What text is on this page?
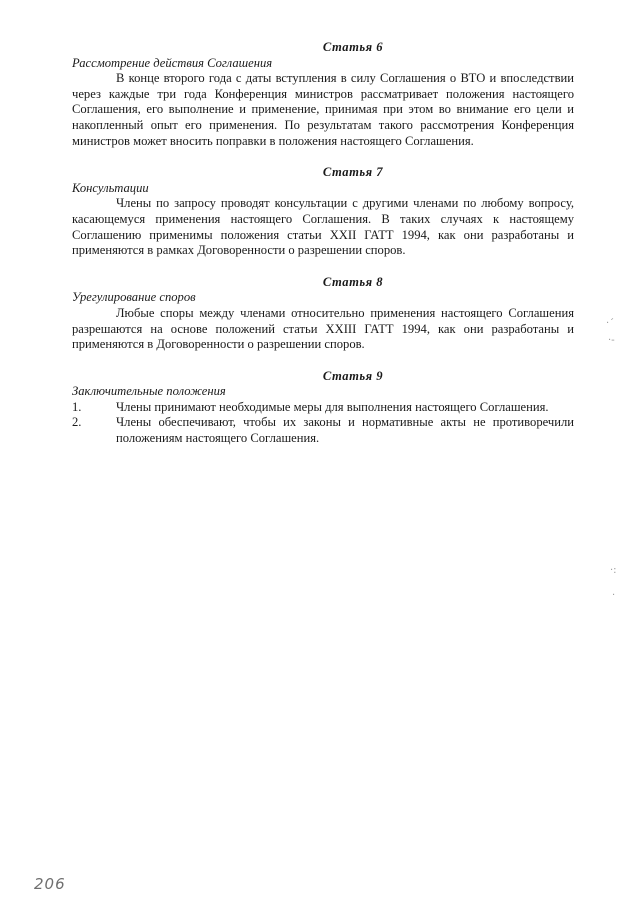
Статья 6
Рассмотрение действия Соглашения

В конце второго года с даты вступления в силу Соглашения о ВТО и впоследствии через каждые три года Конференция министров рассматривает положения настоящего Соглашения, его выполнение и применение, принимая при этом во внимание его цели и накопленный опыт его применения. По результатам такого рассмотрения Конференция министров может вносить поправки в положения настоящего Соглашения.

Статья 7
Консультации

Члены по запросу проводят консультации с другими членами по любому вопросу, касающемуся применения настоящего Соглашения. В таких случаях к настоящему Соглашению применимы положения статьи XXII ГАТТ 1994, как они разработаны и применяются в рамках Договоренности о разрешении споров.

Статья 8
Урегулирование споров

Любые споры между членами относительно применения настоящего Соглашения разрешаются на основе положений статьи XXIII ГАТТ 1994, как они разработаны и применяются в Договоренности о разрешении споров.

Статья 9
Заключительные положения
1.	Члены принимают необходимые меры для выполнения настоящего Соглашения.
2.	Члены обеспечивают, чтобы их законы и нормативные акты не противоречили положениям настоящего Соглашения.
206
·´
·-
·:
·
